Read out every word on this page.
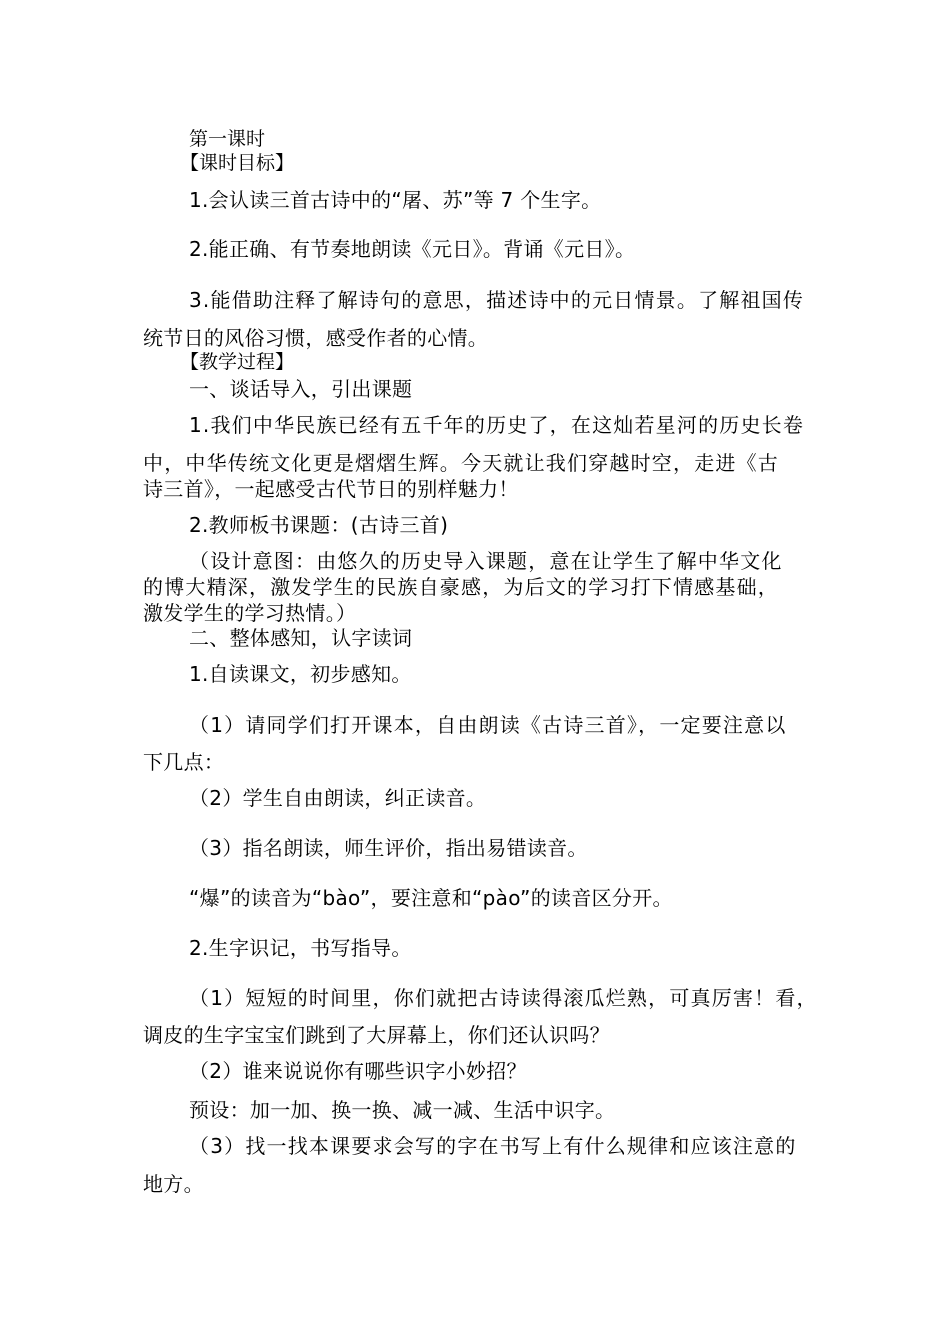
第一课时

【课时目标】

1.会认读三首古诗中的“屠、苏”等 7 个生字。

2.能正确、有节奏地朗读《元日》。背诵《元日》。

3.能借助注释了解诗句的意思，描述诗中的元日情景。了解祖国传

统节日的风俗习惯，感受作者的心情。

【教学过程】

一、谈话导入，引出课题

1.我们中华民族已经有五千年的历史了，在这灿若星河的历史长卷

中，中华传统文化更是熠熠生辉。今天就让我们穿越时空，走进《古

诗三首》，一起感受古代节日的别样魅力！

2.教师板书课题：(古诗三首)

（设计意图：由悠久的历史导入课题，意在让学生了解中华文化

的博大精深，激发学生的民族自豪感，为后文的学习打下情感基础，

激发学生的学习热情。）

二、整体感知，认字读词

1.自读课文，初步感知。

（1）请同学们打开课本，自由朗读《古诗三首》，一定要注意以

下几点：

（2）学生自由朗读，纠正读音。

（3）指名朗读，师生评价，指出易错读音。

“爆”的读音为“bào”，要注意和“pào”的读音区分开。

2.生字识记，书写指导。

（1）短短的时间里，你们就把古诗读得滚瓜烂熟，可真厉害！看，

调皮的生字宝宝们跳到了大屏幕上，你们还认识吗？

（2）谁来说说你有哪些识字小妙招？

预设：加一加、换一换、减一减、生活中识字。

（3）找一找本课要求会写的字在书写上有什么规律和应该注意的

地方。
